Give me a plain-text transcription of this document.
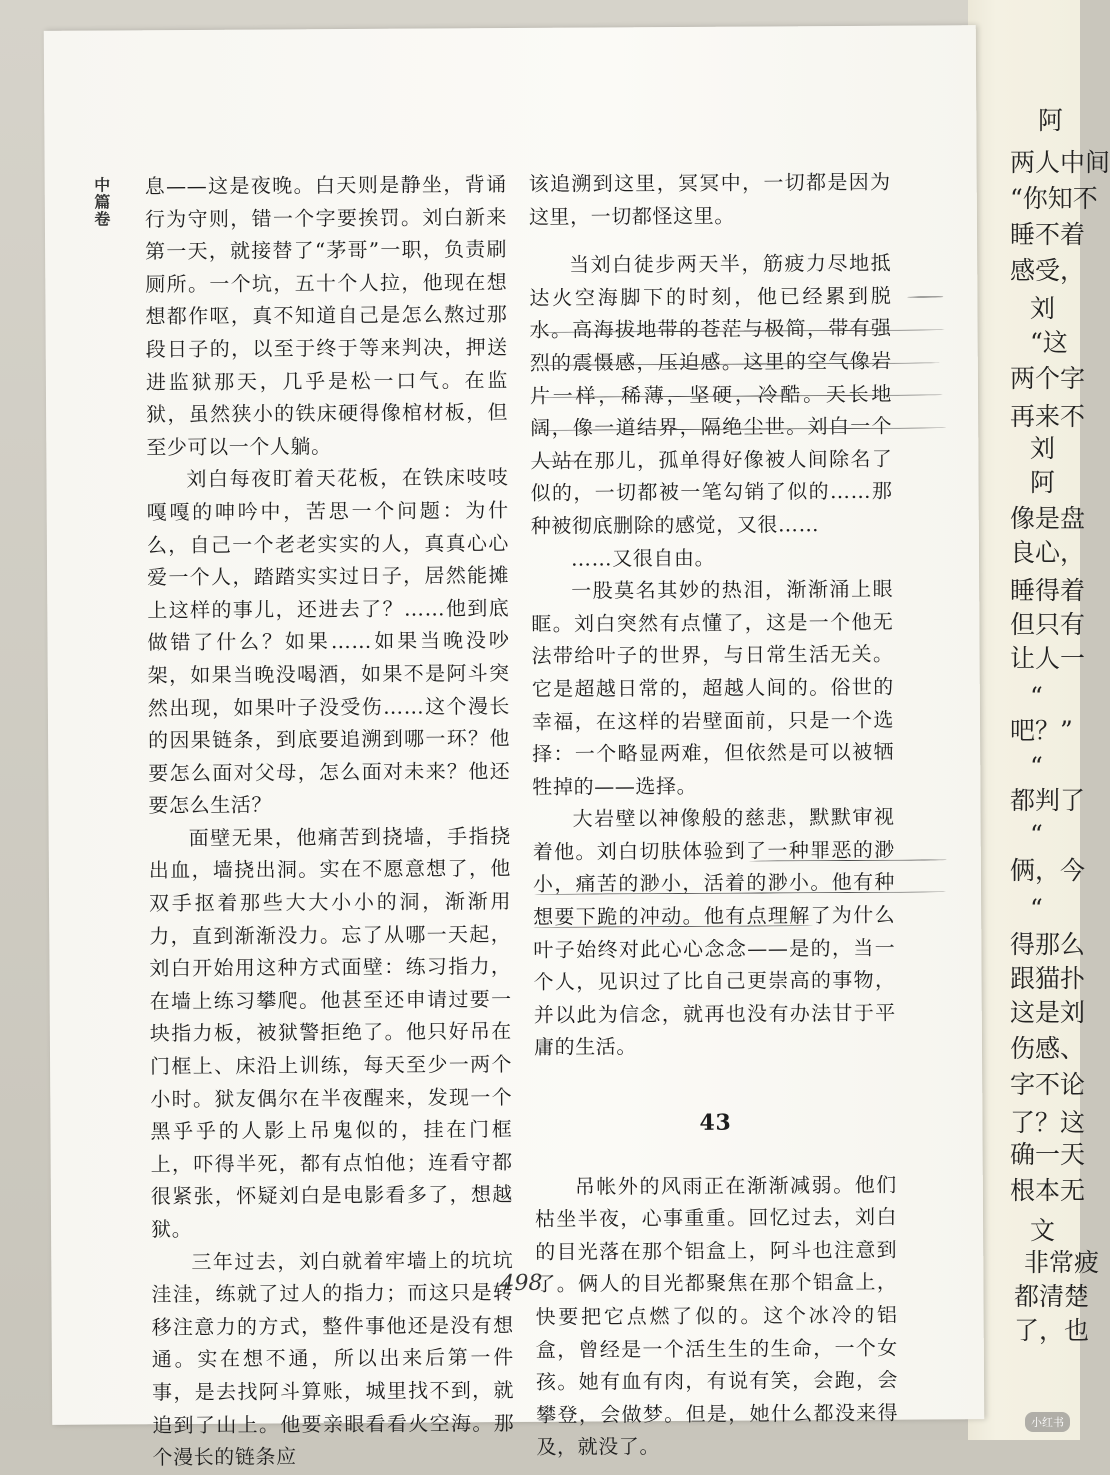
阿
两人中间
“你知不
睡不着
感受，
刘
“这
两个字
再来不
刘
阿
像是盘
良心，
睡得着
但只有
让人一
“
吧？”
“
都判了
“
俩，今
“
得那么
跟猫扑
这是刘
伤感、
字不论
了？这
确一天
根本无
文
非常疲
都清楚
了，也
中篇卷 息——这是夜晚。白天则是静坐，背诵行为守则，错一个字要挨罚。刘白新来第一天，就接替了“茅哥”一职，负责刷厕所。一个坑，五十个人拉，他现在想想都作呕，真不知道自己是怎么熬过那段日子的，以至于终于等来判决，押送进监狱那天，几乎是松一口气。在监狱，虽然狭小的铁床硬得像棺材板，但至少可以一个人躺。

刘白每夜盯着天花板，在铁床吱吱嘎嘎的呻吟中，苦思一个问题：为什么，自己一个老老实实的人，真真心心爱一个人，踏踏实实过日子，居然能摊上这样的事儿，还进去了？……他到底做错了什么？如果……如果当晚没吵架，如果当晚没喝酒，如果不是阿斗突然出现，如果叶子没受伤……这个漫长的因果链条，到底要追溯到哪一环？他要怎么面对父母，怎么面对未来？他还要怎么生活？

面壁无果，他痛苦到挠墙，手指挠出血，墙挠出洞。实在不愿意想了，他双手抠着那些大大小小的洞，渐渐用力，直到渐渐没力。忘了从哪一天起，刘白开始用这种方式面壁：练习指力，在墙上练习攀爬。他甚至还申请过要一块指力板，被狱警拒绝了。他只好吊在门框上、床沿上训练，每天至少一两个小时。狱友偶尔在半夜醒来，发现一个黑乎乎的人影上吊鬼似的，挂在门框上，吓得半死，都有点怕他；连看守都很紧张，怀疑刘白是电影看多了，想越狱。

三年过去，刘白就着牢墙上的坑坑洼洼，练就了过人的指力；而这只是转移注意力的方式，整件事他还是没有想通。实在想不通，所以出来后第一件事，是去找阿斗算账，城里找不到，就追到了山上。他要亲眼看看火空海。那个漫长的链条应

该追溯到这里，冥冥中，一切都是因为这里，一切都怪这里。

当刘白徒步两天半，筋疲力尽地抵达火空海脚下的时刻，他已经累到脱水。高海拔地带的苍茫与极简，带有强烈的震慑感，压迫感。这里的空气像岩片一样，稀薄，坚硬，冷酷。天长地阔，像一道结界，隔绝尘世。刘白一个人站在那儿，孤单得好像被人间除名了似的，一切都被一笔勾销了似的……那种被彻底删除的感觉，又很……

……又很自由。

一股莫名其妙的热泪，渐渐涌上眼眶。刘白突然有点懂了，这是一个他无法带给叶子的世界，与日常生活无关。它是超越日常的，超越人间的。俗世的幸福，在这样的岩壁面前，只是一个选择：一个略显两难，但依然是可以被牺牲掉的——选择。

大岩壁以神像般的慈悲，默默审视着他。刘白切肤体验到了一种罪恶的渺小，痛苦的渺小，活着的渺小。他有种想要下跪的冲动。他有点理解了为什么叶子始终对此心心念念——是的，当一个人，见识过了比自己更崇高的事物，并以此为信念，就再也没有办法甘于平庸的生活。

43

吊帐外的风雨正在渐渐减弱。他们枯坐半夜，心事重重。回忆过去，刘白的目光落在那个铝盒上，阿斗也注意到了。俩人的目光都聚焦在那个铝盒上，快要把它点燃了似的。这个冰冷的铝盒，曾经是一个活生生的生命，一个女孩。她有血有肉，有说有笑，会跑，会攀登，会做梦。但是，她什么都没来得及，就没了。

498
小红书
